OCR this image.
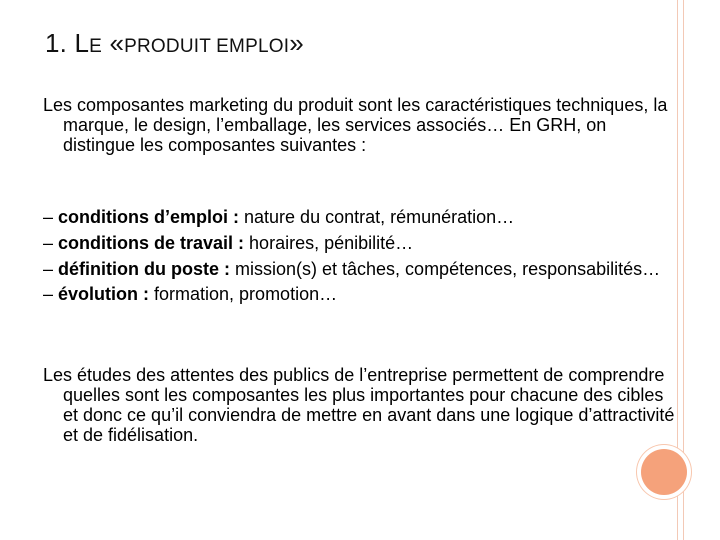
1. LE «PRODUIT EMPLOI»

Les composantes marketing du produit sont les caractéristiques techniques, la marque, le design, l’emballage, les services associés… En GRH, on distingue les composantes suivantes :

– conditions d’emploi : nature du contrat, rémunération…
– conditions de travail : horaires, pénibilité…
– définition du poste : mission(s) et tâches, compétences, responsabilités…
– évolution : formation, promotion…

Les études des attentes des publics de l’entreprise permettent de comprendre quelles sont les composantes les plus importantes pour chacune des cibles et donc ce qu’il conviendra de mettre en avant dans une logique d’attractivité et de fidélisation.
